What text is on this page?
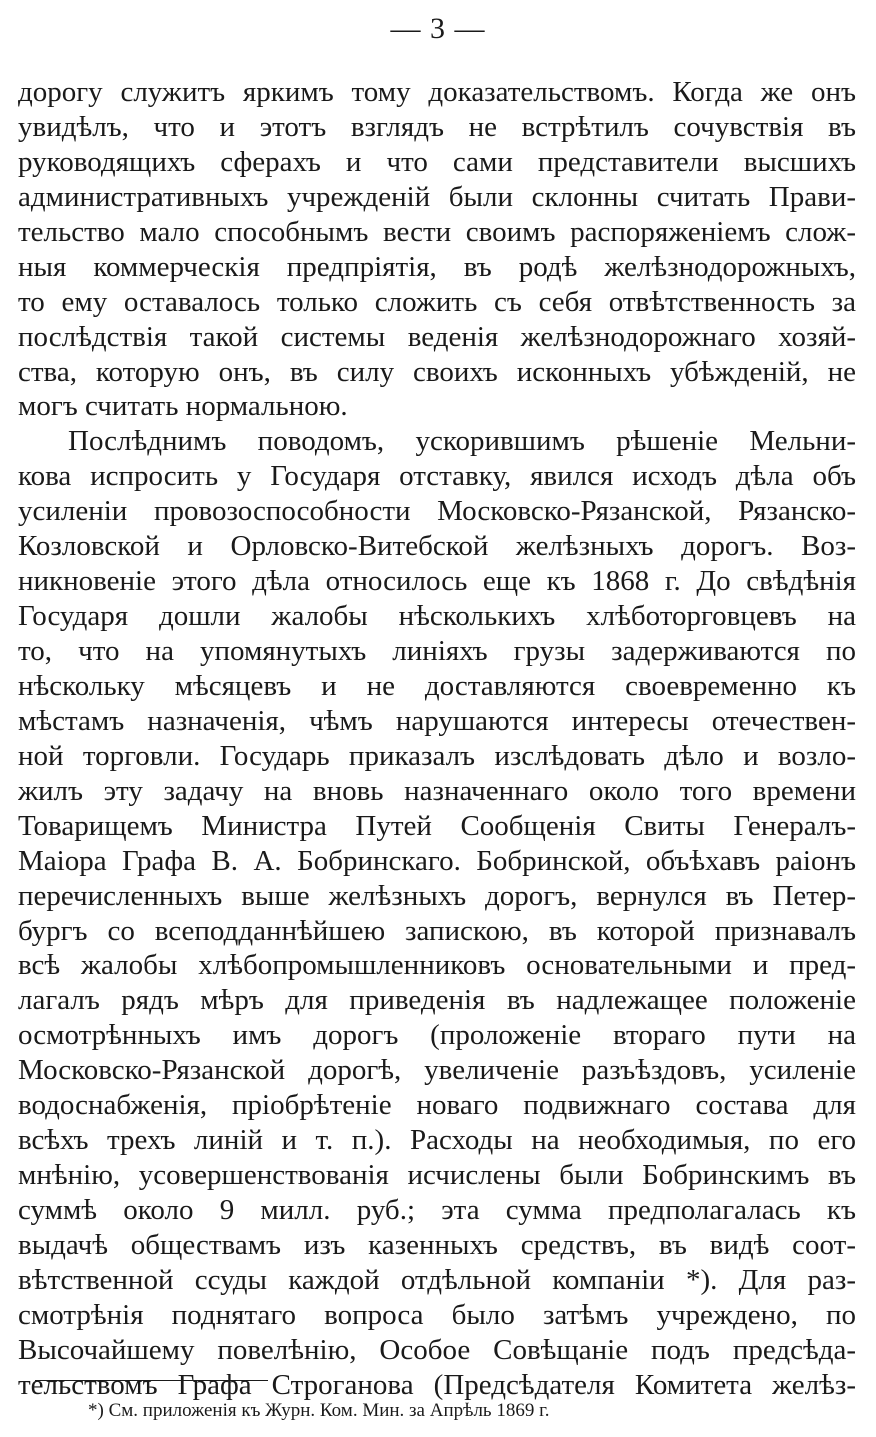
— 3 —
дорогу служитъ яркимъ тому доказательствомъ. Когда же онъ
увидѣлъ, что и этотъ взглядъ не встрѣтилъ сочувствія въ
руководящихъ сферахъ и что сами представители высшихъ
административныхъ учрежденій были склонны считать Прави-
тельство мало способнымъ вести своимъ распоряженіемъ слож-
ныя коммерческія предпріятія, въ родѣ желѣзнодорожныхъ,
то ему оставалось только сложить съ себя отвѣтственность за
послѣдствія такой системы веденія желѣзнодорожнаго хозяй-
ства, которую онъ, въ силу своихъ исконныхъ убѣжденій, не
могъ считать нормальною.
Послѣднимъ поводомъ, ускорившимъ рѣшеніе Мельни-
кова испросить у Государя отставку, явился исходъ дѣла объ
усиленіи провозоспособности Московско-Рязанской, Рязанско-
Козловской и Орловско-Витебской желѣзныхъ дорогъ. Воз-
никновеніе этого дѣла относилось еще къ 1868 г. До свѣдѣнія
Государя дошли жалобы нѣсколькихъ хлѣботорговцевъ на
то, что на упомянутыхъ линіяхъ грузы задерживаются по
нѣскольку мѣсяцевъ и не доставляются своевременно къ
мѣстамъ назначенія, чѣмъ нарушаются интересы отечествен-
ной торговли. Государь приказалъ изслѣдовать дѣло и возло-
жилъ эту задачу на вновь назначеннаго около того времени
Товарищемъ Министра Путей Сообщенія Свиты Генералъ-
Маіора Графа В. А. Бобринскаго. Бобринской, объѣхавъ раіонъ
перечисленныхъ выше желѣзныхъ дорогъ, вернулся въ Петер-
бургъ со всеподданнѣйшею запискою, въ которой признавалъ
всѣ жалобы хлѣбопромышленниковъ основательными и пред-
лагалъ рядъ мѣръ для приведенія въ надлежащее положеніе
осмотрѣнныхъ имъ дорогъ (проложеніе втораго пути на
Московско-Рязанской дорогѣ, увеличеніе разъѣздовъ, усиленіе
водоснабженія, пріобрѣтеніе новаго подвижнаго состава для
всѣхъ трехъ линій и т. п.). Расходы на необходимыя, по его
мнѣнію, усовершенствованія исчислены были Бобринскимъ въ
суммѣ около 9 милл. руб.; эта сумма предполагалась къ
выдачѣ обществамъ изъ казенныхъ средствъ, въ видѣ соот-
вѣтственной ссуды каждой отдѣльной компаніи *). Для раз-
смотрѣнія поднятаго вопроса было затѣмъ учреждено, по
Высочайшему повелѣнію, Особое Совѣщаніе подъ предсѣда-
тельствомъ Графа Строганова (Предсѣдателя Комитета желѣз-
*) См. приложенія къ Журн. Ком. Мин. за Апрѣль 1869 г.
